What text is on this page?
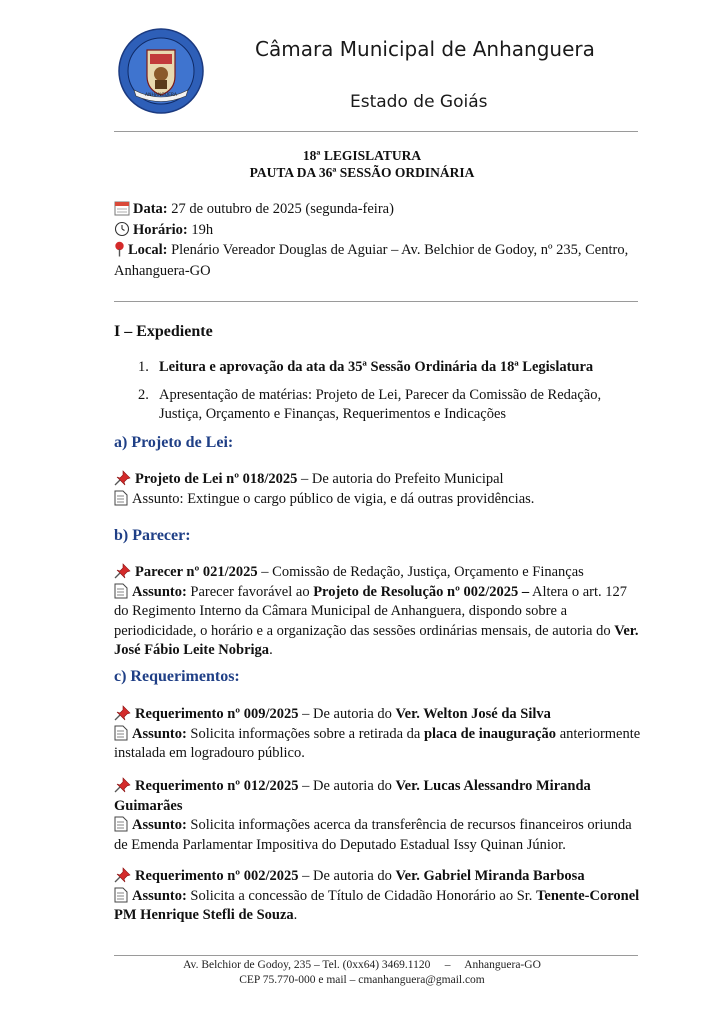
ANHANGUERA
Câmara Municipal de Anhanguera
Estado de Goiás
18ª LEGISLATURA
PAUTA DA 36ª SESSÃO ORDINÁRIA
Data: 27 de outubro de 2025 (segunda-feira)
Horário: 19h
Local: Plenário Vereador Douglas de Aguiar – Av. Belchior de Godoy, nº 235, Centro,
Anhanguera-GO
I – Expediente
1. Leitura e aprovação da ata da 35ª Sessão Ordinária da 18ª Legislatura
2. Apresentação de matérias: Projeto de Lei, Parecer da Comissão de Redação,
Justiça, Orçamento e Finanças, Requerimentos e Indicações
a) Projeto de Lei:
Projeto de Lei nº 018/2025 – De autoria do Prefeito Municipal
Assunto: Extingue o cargo público de vigia, e dá outras providências.
b) Parecer:
Parecer nº 021/2025 – Comissão de Redação, Justiça, Orçamento e Finanças
Assunto: Parecer favorável ao Projeto de Resolução nº 002/2025 – Altera o art. 127 do Regimento Interno da Câmara Municipal de Anhanguera, dispondo sobre a periodicidade, o horário e a organização das sessões ordinárias mensais, de autoria do Ver. José Fábio Leite Nobriga.
c) Requerimentos:
Requerimento nº 009/2025 – De autoria do Ver. Welton José da Silva
Assunto: Solicita informações sobre a retirada da placa de inauguração anteriormente instalada em logradouro público.
Requerimento nº 012/2025 – De autoria do Ver. Lucas Alessandro Miranda Guimarães
Assunto: Solicita informações acerca da transferência de recursos financeiros oriunda de Emenda Parlamentar Impositiva do Deputado Estadual Issy Quinan Júnior.
Requerimento nº 002/2025 – De autoria do Ver. Gabriel Miranda Barbosa
Assunto: Solicita a concessão de Título de Cidadão Honorário ao Sr. Tenente-Coronel PM Henrique Stefli de Souza.
Av. Belchior de Godoy, 235 – Tel. (0xx64) 3469.1120     –     Anhanguera-GO
CEP 75.770-000 e mail – cmanhanguera@gmail.com
